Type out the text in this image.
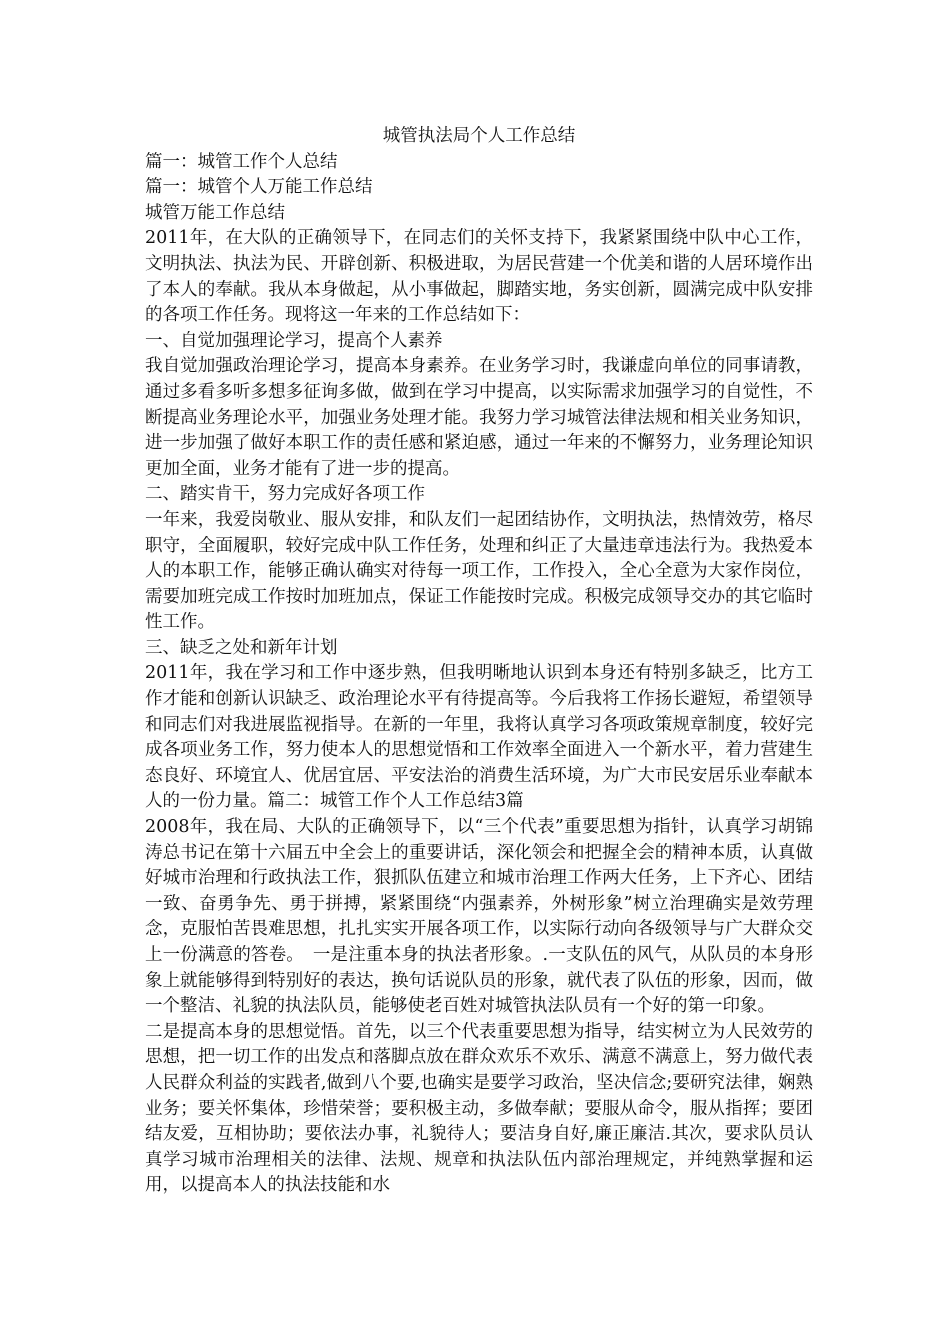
城管执法局个人工作总结

篇一：城管工作个人总结

篇一：城管个人万能工作总结

城管万能工作总结

2011年，在大队的正确领导下，在同志们的关怀支持下，我紧紧围绕中队中心工作，文明执法、执法为民、开辟创新、积极进取，为居民营建一个优美和谐的人居环境作出了本人的奉献。我从本身做起，从小事做起，脚踏实地，务实创新，圆满完成中队安排的各项工作任务。现将这一年来的工作总结如下：

一、自觉加强理论学习，提高个人素养

我自觉加强政治理论学习，提高本身素养。在业务学习时，我谦虚向单位的同事请教，通过多看多听多想多征询多做，做到在学习中提高，以实际需求加强学习的自觉性，不断提高业务理论水平，加强业务处理才能。我努力学习城管法律法规和相关业务知识，进一步加强了做好本职工作的责任感和紧迫感，通过一年来的不懈努力，业务理论知识更加全面，业务才能有了进一步的提高。

二、踏实肯干，努力完成好各项工作

一年来，我爱岗敬业、服从安排，和队友们一起团结协作，文明执法，热情效劳，格尽职守，全面履职，较好完成中队工作任务，处理和纠正了大量违章违法行为。我热爱本人的本职工作，能够正确认确实对待每一项工作，工作投入，全心全意为大家作岗位，需要加班完成工作按时加班加点，保证工作能按时完成。积极完成领导交办的其它临时性工作。

三、缺乏之处和新年计划

2011年，我在学习和工作中逐步熟，但我明晰地认识到本身还有特别多缺乏，比方工作才能和创新认识缺乏、政治理论水平有待提高等。今后我将工作扬长避短，希望领导和同志们对我进展监视指导。在新的一年里，我将认真学习各项政策规章制度，较好完成各项业务工作，努力使本人的思想觉悟和工作效率全面进入一个新水平，着力营建生态良好、环境宜人、优居宜居、平安法治的消费生活环境，为广大市民安居乐业奉献本人的一份力量。篇二：城管工作个人工作总结3篇

2008年，我在局、大队的正确领导下，以“三个代表”重要思想为指针，认真学习胡锦涛总书记在第十六届五中全会上的重要讲话，深化领会和把握全会的精神本质，认真做好城市治理和行政执法工作，狠抓队伍建立和城市治理工作两大任务，上下齐心、团结一致、奋勇争先、勇于拼搏，紧紧围绕“内强素养，外树形象”树立治理确实是效劳理念，克服怕苦畏难思想，扎扎实实开展各项工作，以实际行动向各级领导与广大群众交上一份满意的答卷。　一是注重本身的执法者形象。.一支队伍的风气，从队员的本身形象上就能够得到特别好的表达，换句话说队员的形象，就代表了队伍的形象，因而，做一个整洁、礼貌的执法队员，能够使老百姓对城管执法队员有一个好的第一印象。

二是提高本身的思想觉悟。首先，以三个代表重要思想为指导，结实树立为人民效劳的思想，把一切工作的出发点和落脚点放在群众欢乐不欢乐、满意不满意上，努力做代表人民群众利益的实践者,做到八个要,也确实是要学习政治，坚决信念;要研究法律，娴熟业务；要关怀集体，珍惜荣誉；要积极主动，多做奉献；要服从命令，服从指挥；要团结友爱，互相协助；要依法办事，礼貌待人；要洁身自好,廉正廉洁.其次，要求队员认真学习城市治理相关的法律、法规、规章和执法队伍内部治理规定，并纯熟掌握和运用，以提高本人的执法技能和水
